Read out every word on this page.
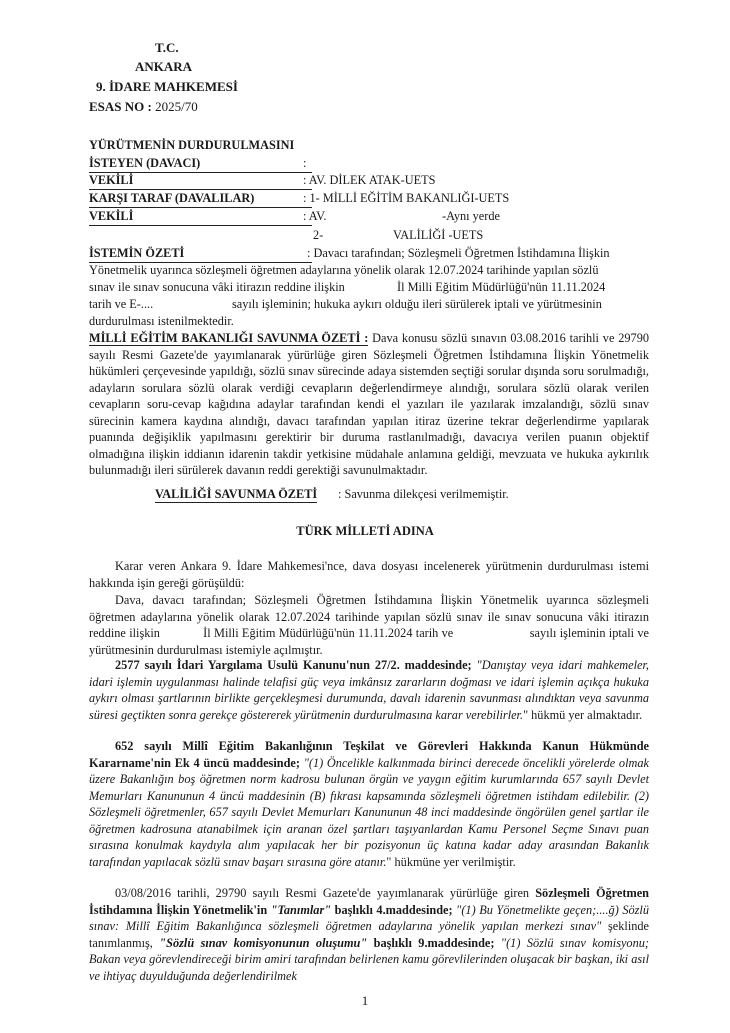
T.C.
ANKARA
9. İDARE MAHKEMESİ
ESAS NO : 2025/70
YÜRÜTMENİN DURDURULMASINI
İSTEYEN (DAVACI)	:
VEKİLİ	: AV. DİLEK ATAK-UETS
KARŞI TARAF (DAVALILAR)	: 1- MİLLİ EĞİTİM BAKANLIĞI-UETS
VEKİLİ	: AV.	-Aynı yerde
2-	VALİLİĞİ -UETS
İSTEMİN ÖZETİ	: Davacı tarafından; Sözleşmeli Öğretmen İstihdamına İlişkin
Yönetmelik uyarınca sözleşmeli öğretmen adaylarına yönelik olarak 12.07.2024 tarihinde yapılan sözlü
sınav ile sınav sonucuna vâki itirazın reddine ilişkin	İl Milli Eğitim Müdürlüğü'nün 11.11.2024
tarih ve E-....	sayılı işleminin; hukuka aykırı olduğu ileri sürülerek iptali ve yürütmesinin
durdurulması istenilmektedir.

MİLLİ EĞİTİM BAKANLIĞI SAVUNMA ÖZETİ : Dava konusu sözlü sınavın 03.08.2016 tarihli ve 29790 sayılı Resmi Gazete'de yayımlanarak yürürlüğe giren Sözleşmeli Öğretmen İstihdamına İlişkin Yönetmelik hükümleri çerçevesinde yapıldığı, sözlü sınav sürecinde adaya sistemden seçtiği sorular dışında soru sorulmadığı, adayların sorulara sözlü olarak verdiği cevapların değerlendirmeye alındığı, sorulara sözlü olarak verilen cevapların soru-cevap kağıdına adaylar tarafından kendi el yazıları ile yazılarak imzalandığı, sözlü sınav sürecinin kamera kaydına alındığı, davacı tarafından yapılan itiraz üzerine tekrar değerlendirme yapılarak puanında değişiklik yapılmasını gerektirir bir duruma rastlanılmadığı, davacıya verilen puanın objektif olmadığına ilişkin iddianın idarenin takdir yetkisine müdahale anlamına geldiği, mevzuata ve hukuka aykırılık bulunmadığı ileri sürülerek davanın reddi gerektiği savunulmaktadır.

VALİLİĞİ SAVUNMA ÖZETİ : Savunma dilekçesi verilmemiştir.
TÜRK MİLLETİ ADINA

Karar veren Ankara 9. İdare Mahkemesi'nce, dava dosyası incelenerek yürütmenin durdurulması istemi hakkında işin gereği görüşüldü:

Dava, davacı tarafından; Sözleşmeli Öğretmen İstihdamına İlişkin Yönetmelik uyarınca sözleşmeli öğretmen adaylarına yönelik olarak 12.07.2024 tarihinde yapılan sözlü sınav ile sınav sonucuna vâki itirazın reddine ilişkin	İl Milli Eğitim Müdürlüğü'nün 11.11.2024 tarih ve	sayılı işleminin iptali ve yürütmesinin durdurulması istemiyle açılmıştır.

2577 sayılı İdari Yargılama Usulü Kanunu'nun 27/2. maddesinde; "Danıştay veya idari mahkemeler, idari işlemin uygulanması halinde telafisi güç veya imkânsız zararların doğması ve idari işlemin açıkça hukuka aykırı olması şartlarının birlikte gerçekleşmesi durumunda, davalı idarenin savunması alındıktan veya savunma süresi geçtikten sonra gerekçe göstererek yürütmenin durdurulmasına karar verebilirler." hükmü yer almaktadır.

652 sayılı Millî Eğitim Bakanlığının Teşkilat ve Görevleri Hakkında Kanun Hükmünde Kararname'nin Ek 4 üncü maddesinde; "(1) Öncelikle kalkınmada birinci derecede öncelikli yörelerde olmak üzere Bakanlığın boş öğretmen norm kadrosu bulunan örgün ve yaygın eğitim kurumlarında 657 sayılı Devlet Memurları Kanununun 4 üncü maddesinin (B) fıkrası kapsamında sözleşmeli öğretmen istihdam edilebilir. (2) Sözleşmeli öğretmenler, 657 sayılı Devlet Memurları Kanununun 48 inci maddesinde öngörülen genel şartlar ile öğretmen kadrosuna atanabilmek için aranan özel şartları taşıyanlardan Kamu Personel Seçme Sınavı puan sırasına konulmak kaydıyla alım yapılacak her bir pozisyonun üç katına kadar aday arasından Bakanlık tarafından yapılacak sözlü sınav başarı sırasına göre atanır." hükmüne yer verilmiştir.

03/08/2016 tarihli, 29790 sayılı Resmi Gazete'de yayımlanarak yürürlüğe giren Sözleşmeli Öğretmen İstihdamına İlişkin Yönetmelik'in "Tanımlar" başlıklı 4.maddesinde; "(1) Bu Yönetmelikte geçen;....ğ) Sözlü sınav: Millî Eğitim Bakanlığınca sözleşmeli öğretmen adaylarına yönelik yapılan merkezi sınav" şeklinde tanımlanmış, "Sözlü sınav komisyonunun oluşumu" başlıklı 9.maddesinde; "(1) Sözlü sınav komisyonu; Bakan veya görevlendireceği birim amiri tarafından belirlenen kamu görevlilerinden oluşacak bir başkan, iki asıl ve ihtiyaç duyulduğunda değerlendirilmek

1
